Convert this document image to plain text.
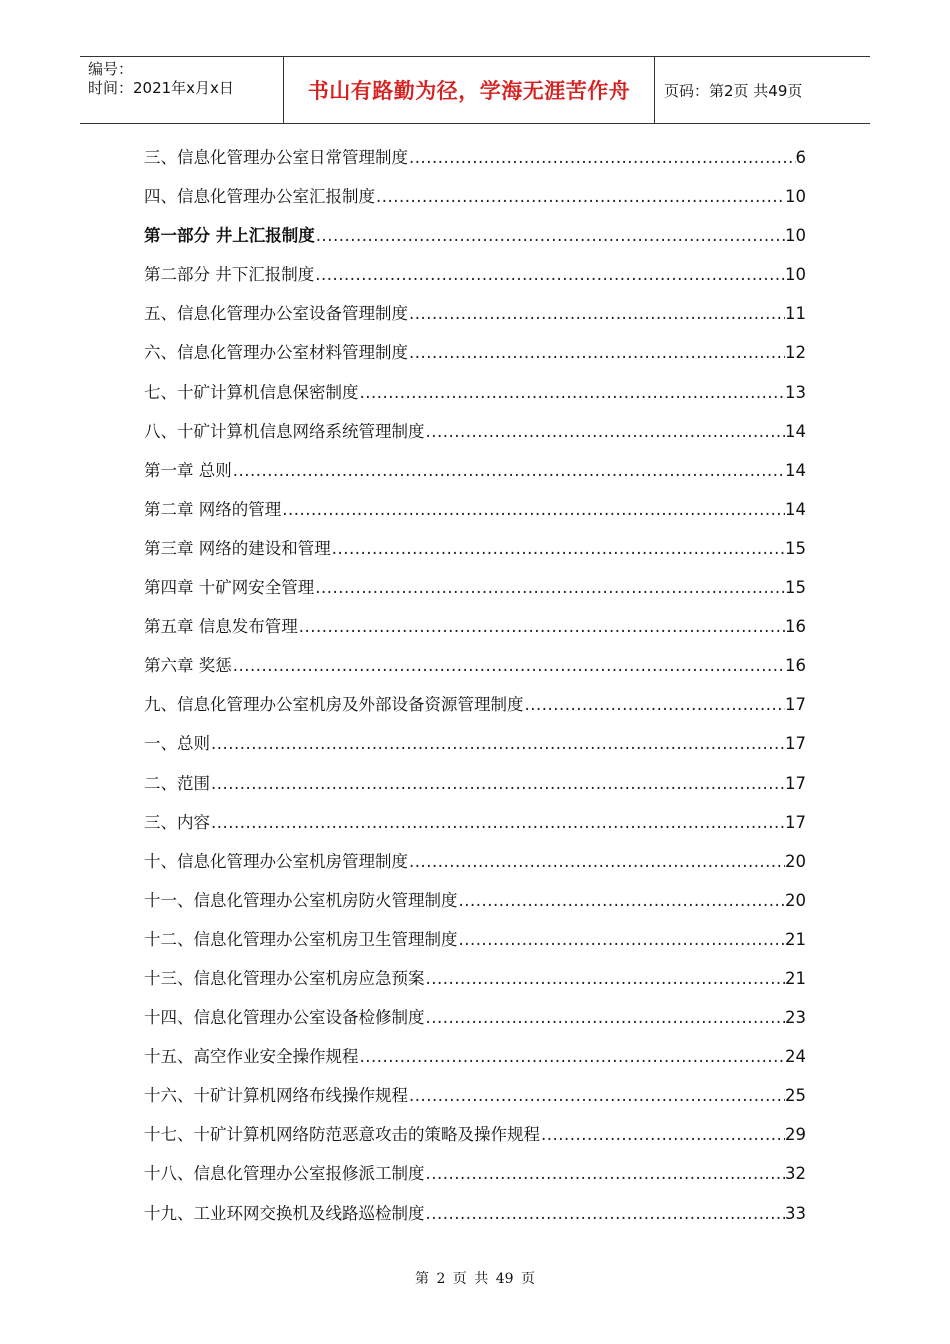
编号：
时间：2021年x月x日	书山有路勤为径，学海无涯苦作舟	页码：第2页 共49页
三、信息化管理办公室日常管理制度 .....	6
四、信息化管理办公室汇报制度 .....	10
第一部分 井上汇报制度 .....	10
第二部分 井下汇报制度 .....	10
五、信息化管理办公室设备管理制度 .....	11
六、信息化管理办公室材料管理制度 .....	12
七、十矿计算机信息保密制度 .....	13
八、十矿计算机信息网络系统管理制度 .....	14
第一章 总则 .....	14
第二章 网络的管理 .....	14
第三章 网络的建设和管理 .....	15
第四章 十矿网安全管理 .....	15
第五章 信息发布管理 .....	16
第六章 奖惩 .....	16
九、信息化管理办公室机房及外部设备资源管理制度 .....	17
一、总则 .....	17
二、范围 .....	17
三、内容 .....	17
十、信息化管理办公室机房管理制度 .....	20
十一、信息化管理办公室机房防火管理制度 .....	20
十二、信息化管理办公室机房卫生管理制度 .....	21
十三、信息化管理办公室机房应急预案 .....	21
十四、信息化管理办公室设备检修制度 .....	23
十五、高空作业安全操作规程 .....	24
十六、十矿计算机网络布线操作规程 .....	25
十七、十矿计算机网络防范恶意攻击的策略及操作规程 .....	29
十八、信息化管理办公室报修派工制度 .....	32
十九、工业环网交换机及线路巡检制度 .....	33
第 2 页 共 49 页
